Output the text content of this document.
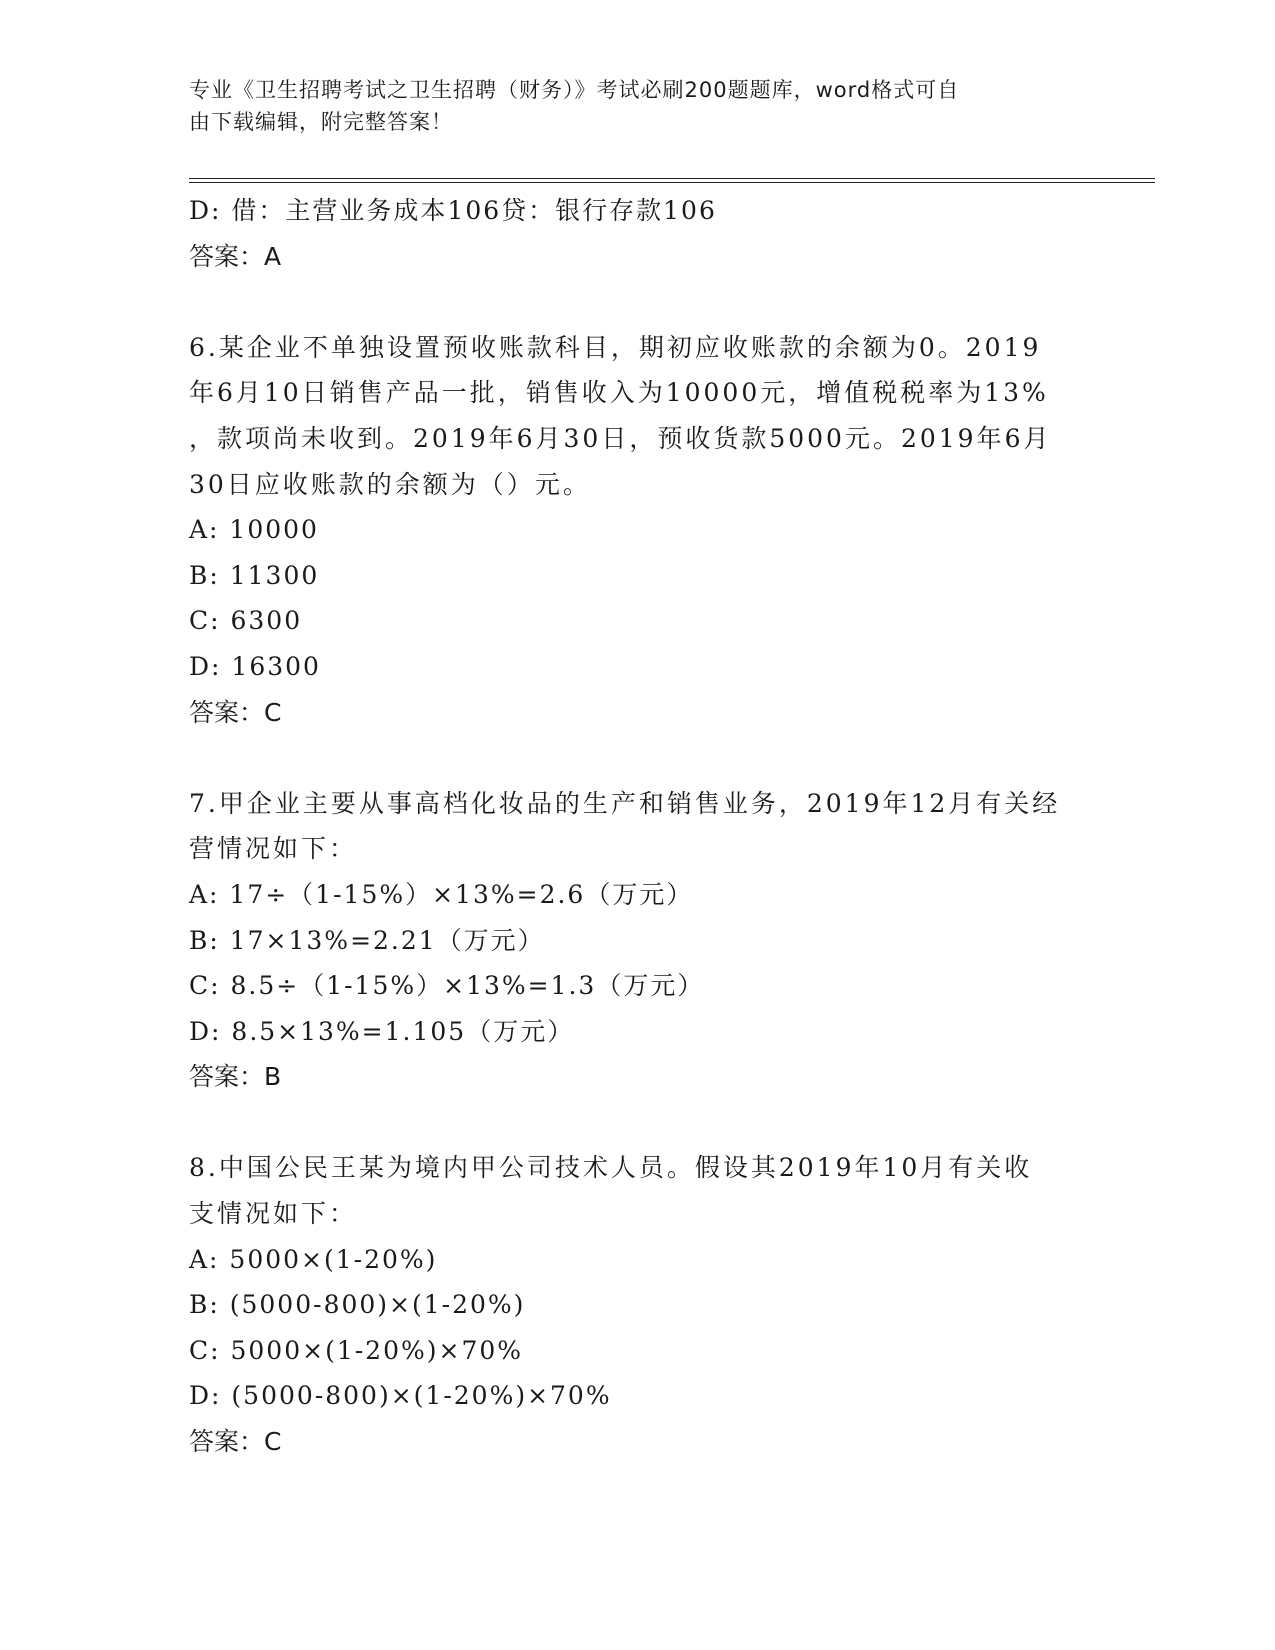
专业《卫生招聘考试之卫生招聘（财务）》考试必刷200题题库，word格式可自
由下载编辑，附完整答案！
D: 借：主营业务成本106贷：银行存款106
答案：A
6.某企业不单独设置预收账款科目，期初应收账款的余额为0。2019
年6月10日销售产品一批，销售收入为10000元，增值税税率为13%
，款项尚未收到。2019年6月30日，预收货款5000元。2019年6月
30日应收账款的余额为（）元。
A: 10000
B: 11300
C: 6300
D: 16300
答案：C
7.甲企业主要从事高档化妆品的生产和销售业务，2019年12月有关经
营情况如下：
A: 17÷（1-15%）×13%=2.6（万元）
B: 17×13%=2.21（万元）
C: 8.5÷（1-15%）×13%=1.3（万元）
D: 8.5×13%=1.105（万元）
答案：B
8.中国公民王某为境内甲公司技术人员。假设其2019年10月有关收
支情况如下：
A: 5000×(1-20%)
B: (5000-800)×(1-20%)
C: 5000×(1-20%)×70%
D: (5000-800)×(1-20%)×70%
答案：C
